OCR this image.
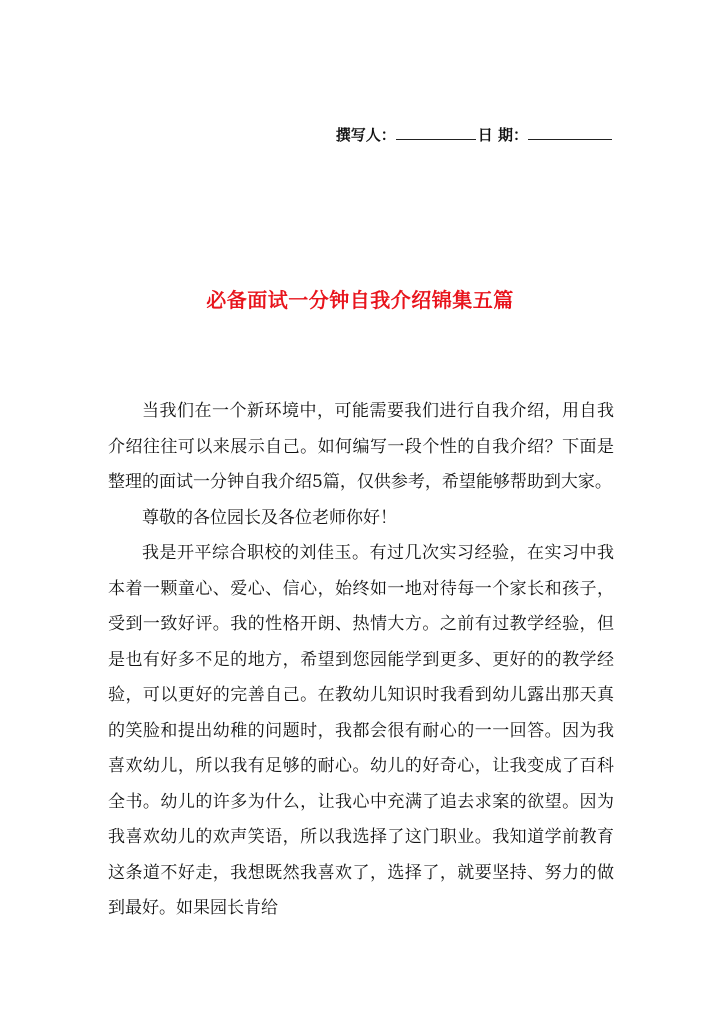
撰写人：	日 期：
必备面试一分钟自我介绍锦集五篇

当我们在一个新环境中，可能需要我们进行自我介绍，用自我介绍往往可以来展示自己。如何编写一段个性的自我介绍？下面是整理的面试一分钟自我介绍5篇，仅供参考，希望能够帮助到大家。

尊敬的各位园长及各位老师你好！

我是开平综合职校的刘佳玉。有过几次实习经验，在实习中我本着一颗童心、爱心、信心，始终如一地对待每一个家长和孩子，受到一致好评。我的性格开朗、热情大方。之前有过教学经验，但是也有好多不足的地方，希望到您园能学到更多、更好的的教学经验，可以更好的完善自己。在教幼儿知识时我看到幼儿露出那天真的笑脸和提出幼稚的问题时，我都会很有耐心的一一回答。因为我喜欢幼儿，所以我有足够的耐心。幼儿的好奇心，让我变成了百科全书。幼儿的许多为什么，让我心中充满了追去求案的欲望。因为我喜欢幼儿的欢声笑语，所以我选择了这门职业。我知道学前教育这条道不好走，我想既然我喜欢了，选择了，就要坚持、努力的做到最好。如果园长肯给
